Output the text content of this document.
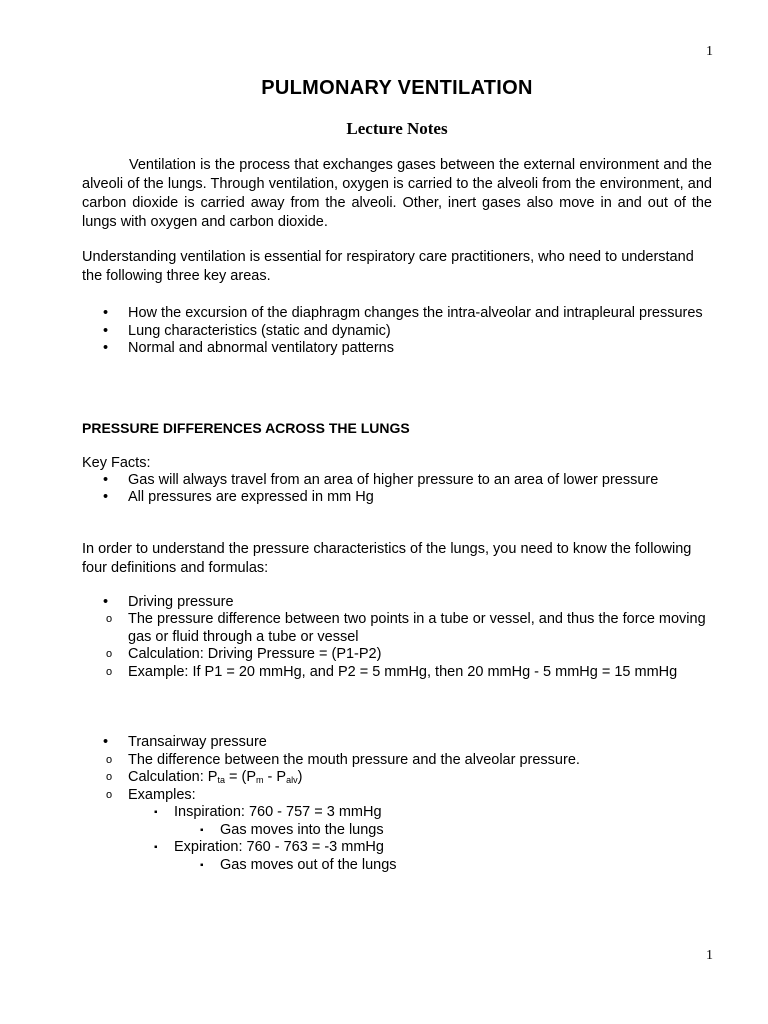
1
PULMONARY VENTILATION
Lecture Notes

Ventilation is the process that exchanges gases between the external environment and the alveoli of the lungs. Through ventilation, oxygen is carried to the alveoli from the environment, and carbon dioxide is carried away from the alveoli. Other, inert gases also move in and out of the lungs with oxygen and carbon dioxide.

Understanding ventilation is essential for respiratory care practitioners, who need to understand the following three key areas.

• How the excursion of the diaphragm changes the intra-alveolar and intrapleural pressures
• Lung characteristics (static and dynamic)
• Normal and abnormal ventilatory patterns

PRESSURE DIFFERENCES ACROSS THE LUNGS

Key Facts:

• Gas will always travel from an area of higher pressure to an area of lower pressure
• All pressures are expressed in mm Hg

In order to understand the pressure characteristics of the lungs, you need to know the following four definitions and formulas:

• Driving pressure
o The pressure difference between two points in a tube or vessel, and thus the force moving gas or fluid through a tube or vessel
o Calculation: Driving Pressure = (P1-P2)
o Example: If P1 = 20 mmHg, and P2 = 5 mmHg, then 20 mmHg - 5 mmHg = 15 mmHg
• Transairway pressure
o The difference between the mouth pressure and the alveolar pressure.
o Calculation: $P_{ta} = (P_m - P_{alv})$
o Examples:
▪ Inspiration: 760 - 757 = 3 mmHg
▪ Gas moves into the lungs
▪ Expiration: 760 - 763 = -3 mmHg
▪ Gas moves out of the lungs
1
